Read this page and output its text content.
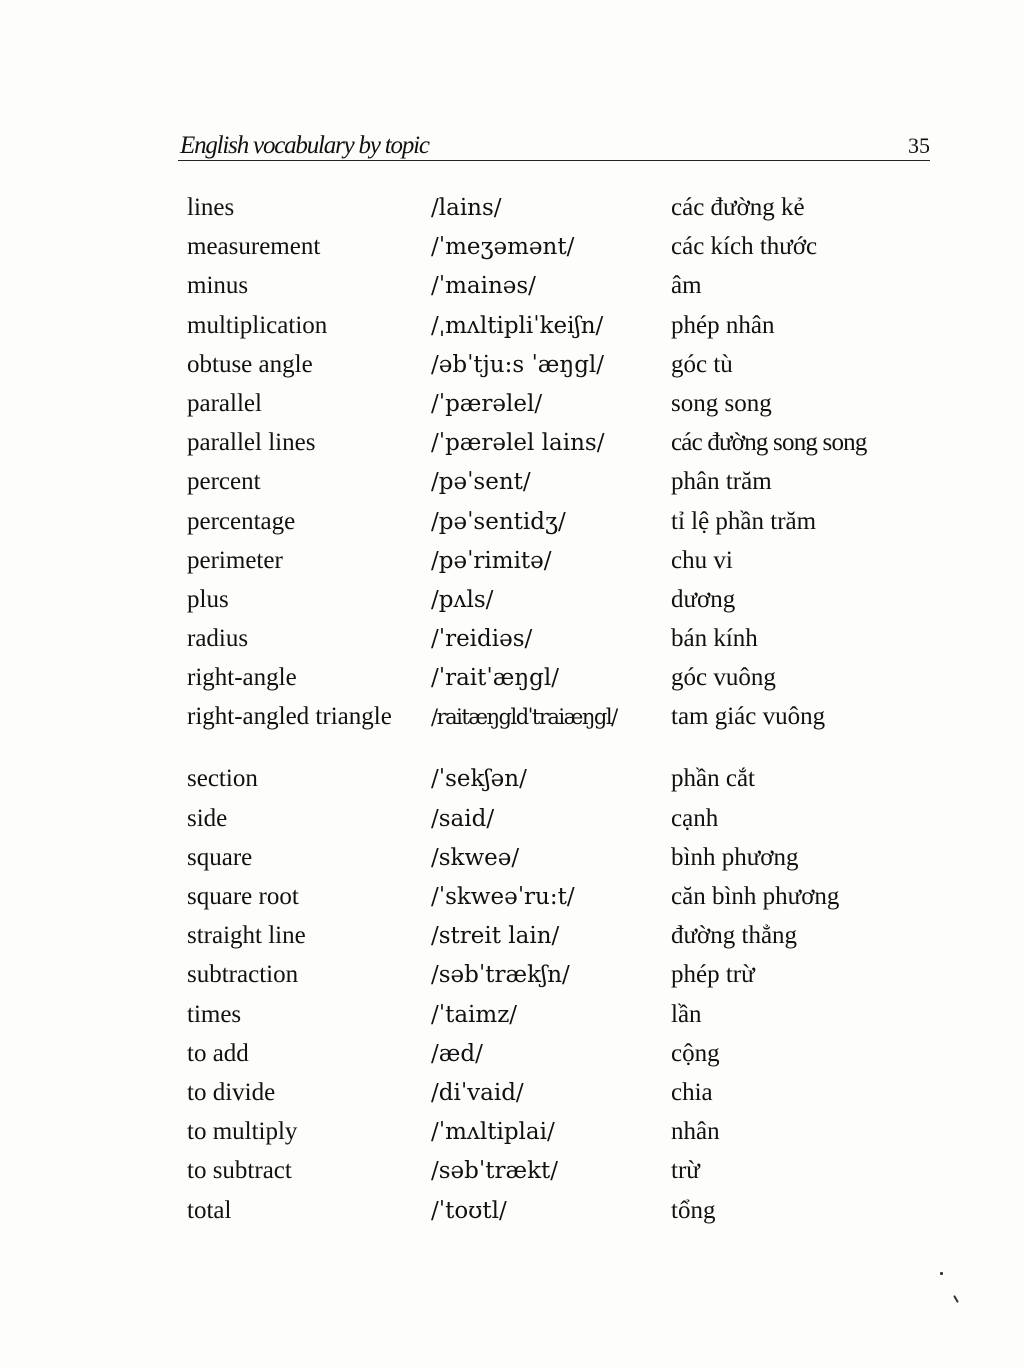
English vocabulary by topic	35
lines	/lains/	các đường kẻ
measurement	/ˈmeʒəmənt/	các kích thước
minus	/ˈmainəs/	âm
multiplication	/ˌmʌltipliˈkeiʃn/	phép nhân
obtuse angle	/əbˈtju:s ˈæŋgl/	góc tù
parallel	/ˈpærəlel/	song song
parallel lines	/ˈpærəlel lains/	các đường song song
percent	/pəˈsent/	phân trăm
percentage	/pəˈsentidʒ/	tỉ lệ phần trăm
perimeter	/pəˈrimitə/	chu vi
plus	/pʌls/	dương
radius	/ˈreidiəs/	bán kính
right-angle	/ˈraitˈæŋgl/	góc vuông
right-angled triangle	/raitæŋgldˈtraiæŋgl/ tam giác vuông
section	/ˈsekʃən/	phần cắt
side	/said/	cạnh
square	/skweə/	bình phương
square root	/ˈskweəˈru:t/	căn bình phương
straight line	/streit lain/	đường thẳng
subtraction	/səbˈtrækʃn/	phép trừ
times	/ˈtaimz/	lần
to add	/æd/	cộng
to divide	/diˈvaid/	chia
to multiply	/ˈmʌltiplai/	nhân
to subtract	/səbˈtrækt/	trừ
total	/ˈtoʊtl/	tổng
